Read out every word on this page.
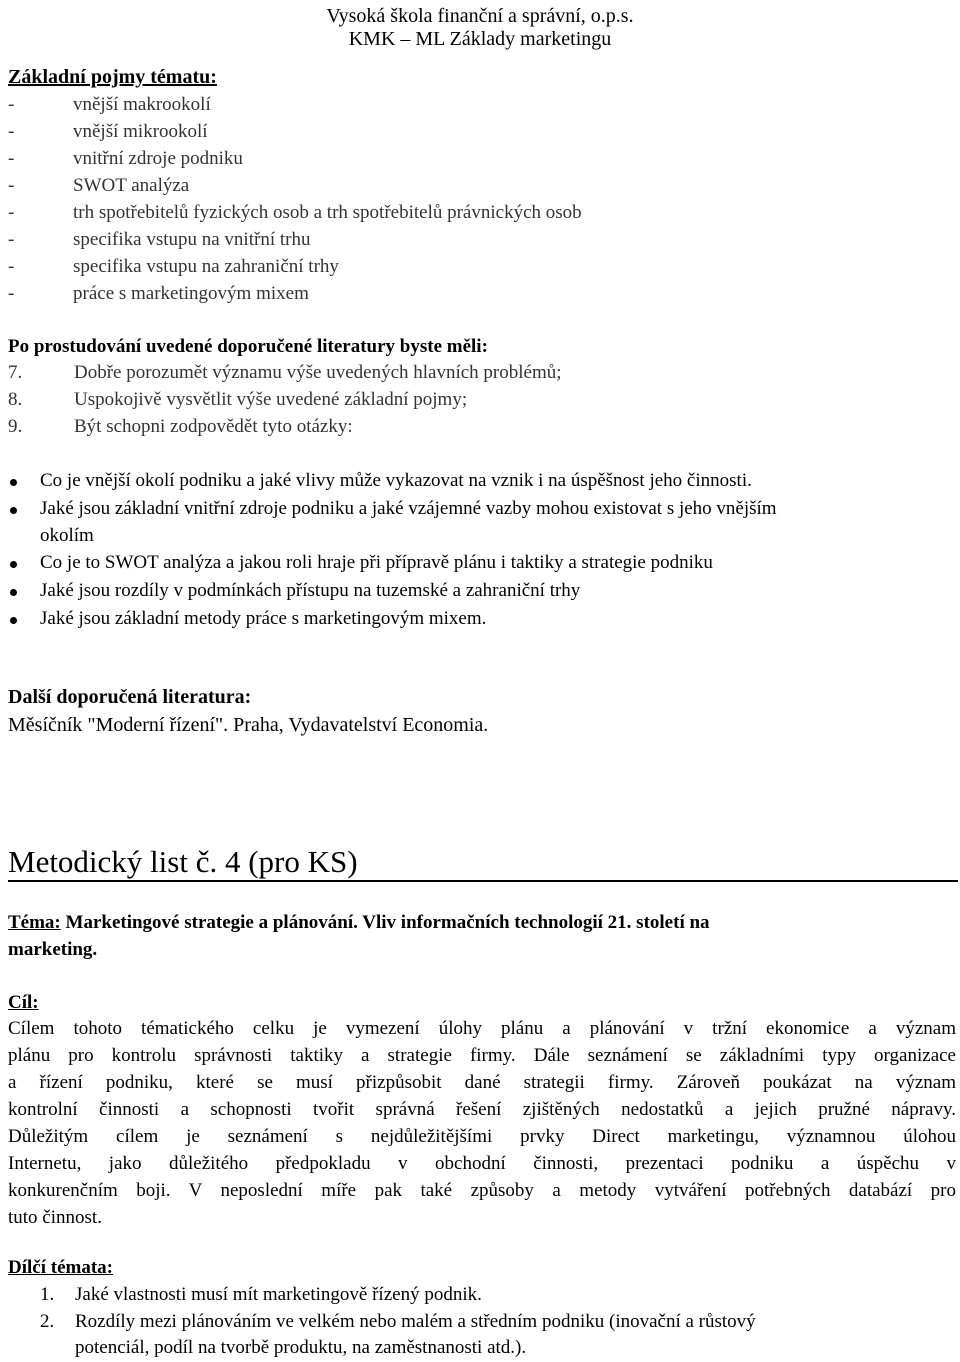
Vysoká škola finanční a správní, o.p.s.
KMK – ML Základy marketingu
Základní pojmy tématu:
-	vnější makrookolí
-	vnější mikrookolí
-	vnitřní zdroje podniku
-	SWOT analýza
-	trh spotřebitelů fyzických osob a trh spotřebitelů právnických osob
-	specifika vstupu na vnitřní trhu
-	specifika vstupu na zahraniční trhy
-	práce s marketingovým mixem
Po prostudování uvedené doporučené literatury byste měli:
7.	Dobře porozumět významu výše uvedených hlavních problémů;
8.	Uspokojivě vysvětlit výše uvedené základní pojmy;
9.	Být schopni zodpovědět tyto otázky:
Co je vnější okolí podniku a jaké vlivy může vykazovat na vznik i na úspěšnost jeho činnosti.
Jaké jsou základní vnitřní zdroje podniku a jaké vzájemné vazby mohou existovat s jeho vnějším
okolím
Co je to SWOT analýza a jakou roli hraje při přípravě plánu i taktiky a strategie podniku
Jaké jsou rozdíly v podmínkách přístupu na tuzemské a zahraniční trhy
Jaké jsou základní metody práce s marketingovým mixem.
Další doporučená literatura:
Měsíčník "Moderní řízení". Praha, Vydavatelství Economia.
Metodický list č. 4 (pro KS)
Téma: Marketingové strategie a plánování. Vliv informačních technologií 21. století na
marketing.
Cíl:
Cílem tohoto tématického celku je vymezení úlohy plánu a plánování v tržní ekonomice a význam
plánu pro kontrolu správnosti taktiky a strategie firmy. Dále seznámení se základními typy organizace
a řízení podniku, které se musí přizpůsobit dané strategii firmy. Zároveň poukázat na význam
kontrolní činnosti a schopnosti tvořit správná řešení zjištěných nedostatků a jejich pružné nápravy.
Důležitým cílem je seznámení s nejdůležitějšími prvky Direct marketingu, významnou úlohou
Internetu, jako důležitého předpokladu v obchodní činnosti, prezentaci podniku a úspěchu v
konkurenčním boji. V neposlední míře pak také způsoby a metody vytváření potřebných databází pro
tuto činnost.
Dílčí témata:
1. Jaké vlastnosti musí mít marketingově řízený podnik.
2. Rozdíly mezi plánováním ve velkém nebo malém a středním podniku (inovační a růstový
potenciál, podíl na tvorbě produktu, na zaměstnanosti atd.).
